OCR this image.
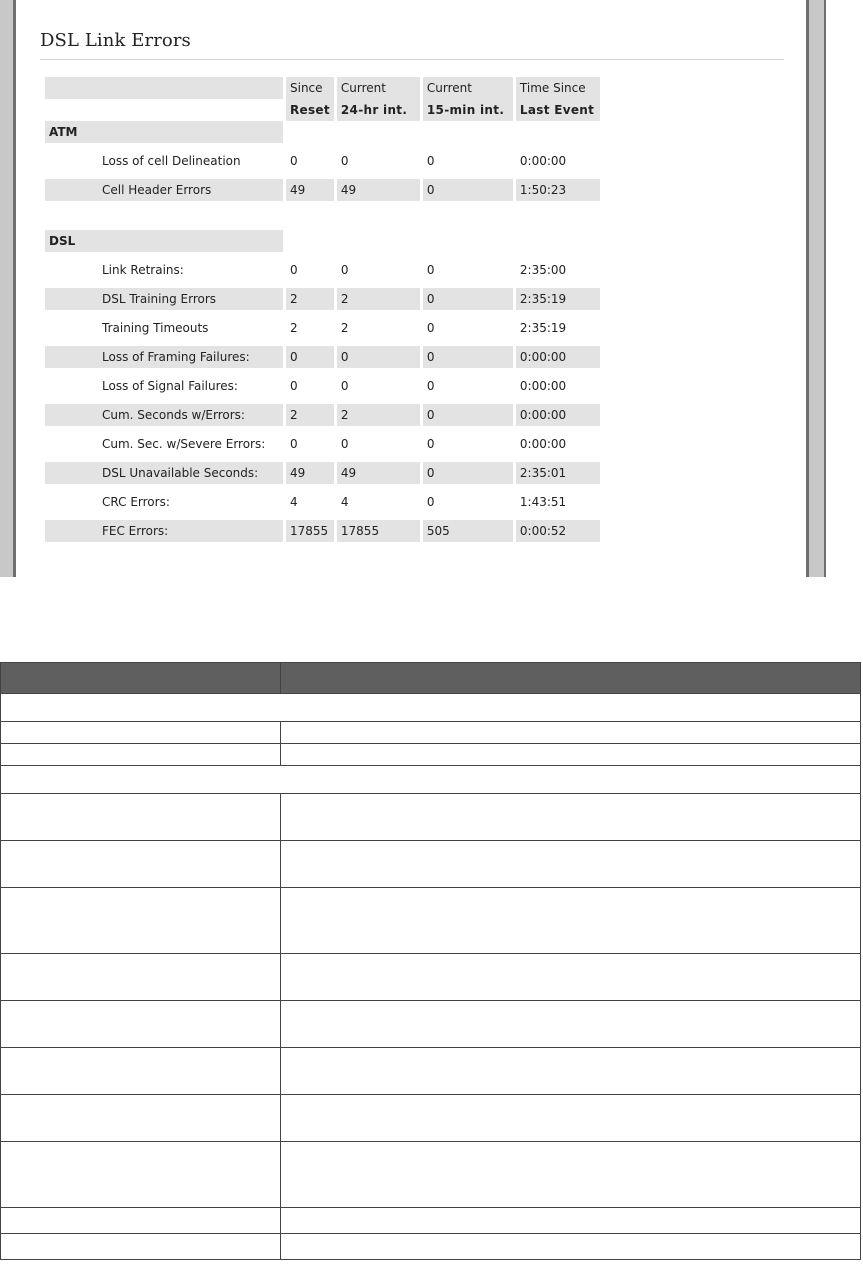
DSL Link Errors
	Since	Current	Current	Time Since
	Reset	24-hr int.	15-min int.	Last Event
ATM				

Loss of cell Delineation	0	0	0	0:00:00

Cell Header Errors	49	49	0	1:50:23

DSL				

Link Retrains:	0	0	0	2:35:00

DSL Training Errors	2	2	0	2:35:19

Training Timeouts	2	2	0	2:35:19

Loss of Framing Failures:	0	0	0	0:00:00

Loss of Signal Failures:	0	0	0	0:00:00

Cum. Seconds w/Errors:	2	2	0	0:00:00

Cum. Sec. w/Severe Errors:	0	0	0	0:00:00

DSL Unavailable Seconds:	49	49	0	2:35:01

CRC Errors:	4	4	0	1:43:51

FEC Errors:	17855	17855	505	0:00:52
